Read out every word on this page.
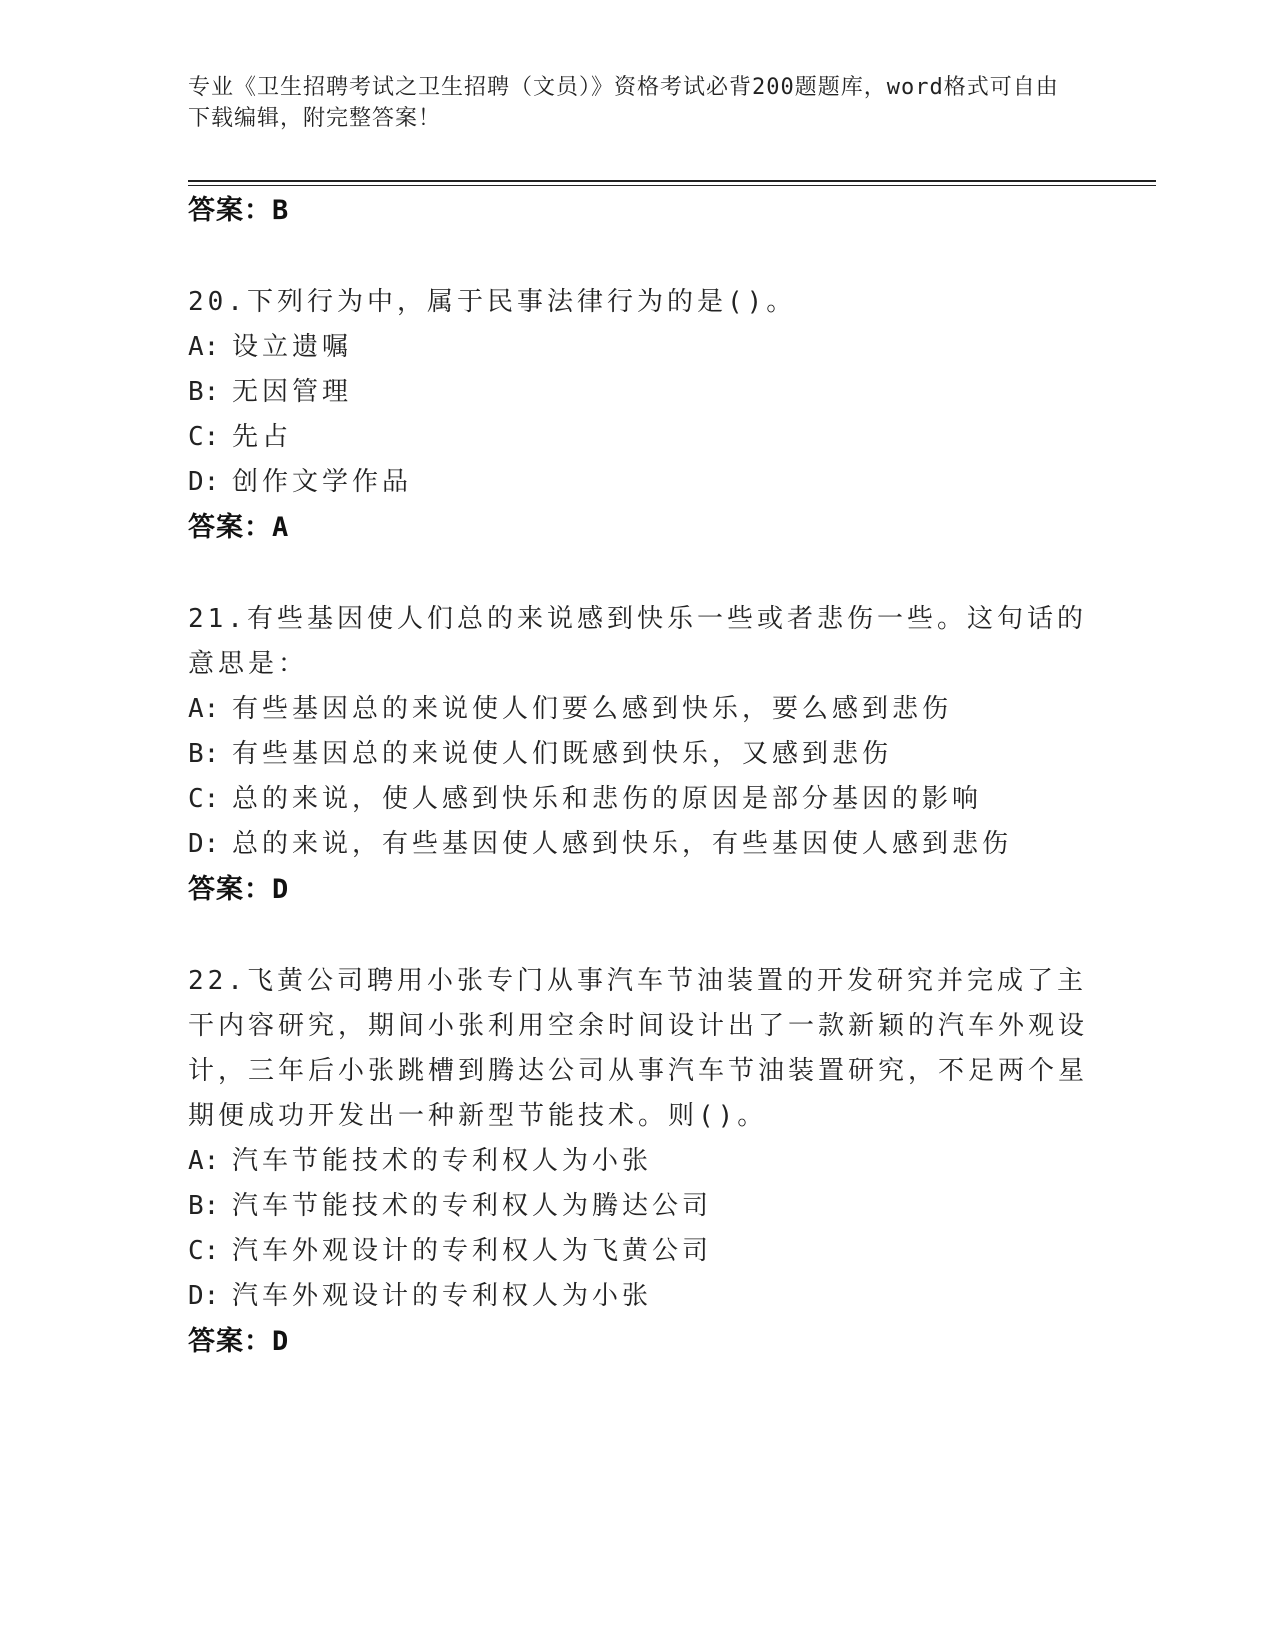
专业《卫生招聘考试之卫生招聘（文员）》资格考试必背200题题库，word格式可自由下载编辑，附完整答案！

答案：B

20.下列行为中，属于民事法律行为的是()。

A: 设立遗嘱

B: 无因管理

C: 先占

D: 创作文学作品

答案：A

21.有些基因使人们总的来说感到快乐一些或者悲伤一些。这句话的意思是：

A: 有些基因总的来说使人们要么感到快乐，要么感到悲伤

B: 有些基因总的来说使人们既感到快乐，又感到悲伤

C: 总的来说，使人感到快乐和悲伤的原因是部分基因的影响

D: 总的来说，有些基因使人感到快乐，有些基因使人感到悲伤

答案：D

22.飞黄公司聘用小张专门从事汽车节油装置的开发研究并完成了主干内容研究，期间小张利用空余时间设计出了一款新颖的汽车外观设计，三年后小张跳槽到腾达公司从事汽车节油装置研究，不足两个星期便成功开发出一种新型节能技术。则()。

A: 汽车节能技术的专利权人为小张

B: 汽车节能技术的专利权人为腾达公司

C: 汽车外观设计的专利权人为飞黄公司

D: 汽车外观设计的专利权人为小张

答案：D
